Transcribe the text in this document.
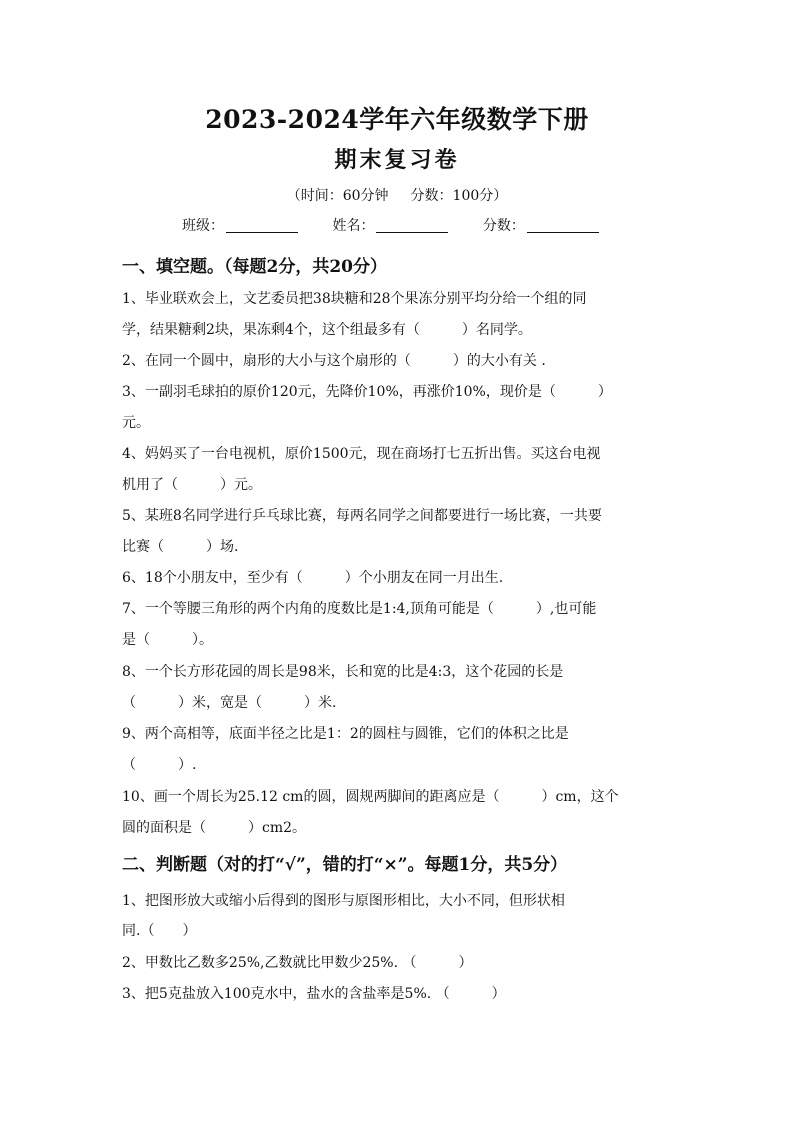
2023-2024学年六年级数学下册
期末复习卷
（时间：60分钟 分数：100分）
班级：	姓名：	分数：
一、填空题。（每题2分，共20分）
1、毕业联欢会上，文艺委员把38块糖和28个果冻分别平均分给一个组的同
学，结果糖剩2块，果冻剩4个，这个组最多有（　　　）名同学。
2、在同一个圆中，扇形的大小与这个扇形的（　　　）的大小有关 .
3、一副羽毛球拍的原价120元，先降价10%，再涨价10%，现价是（　　　）
元。
4、妈妈买了一台电视机，原价1500元，现在商场打七五折出售。买这台电视
机用了（　　　）元。
5、某班8名同学进行乒乓球比赛，每两名同学之间都要进行一场比赛，一共要
比赛（　　　）场.
6、18个小朋友中，至少有（　　　）个小朋友在同一月出生.
7、一个等腰三角形的两个内角的度数比是1:4,顶角可能是（　　　）,也可能
是（　　　）。
8、一个长方形花园的周长是98米，长和宽的比是4:3，这个花园的长是
（　　　）米，宽是（　　　）米.
9、两个高相等，底面半径之比是1：2的圆柱与圆锥，它们的体积之比是
（　　　）.
10、画一个周长为25.12 cm的圆，圆规两脚间的距离应是（　　　）cm，这个
圆的面积是（　　　）cm2。
二、判断题（对的打“√”，错的打“×”。每题1分，共5分）
1、把图形放大或缩小后得到的图形与原图形相比，大小不同，但形状相
同.（　　）
2、甲数比乙数多25%,乙数就比甲数少25%. （　　　）
3、把5克盐放入100克水中，盐水的含盐率是5%. （　　　）
